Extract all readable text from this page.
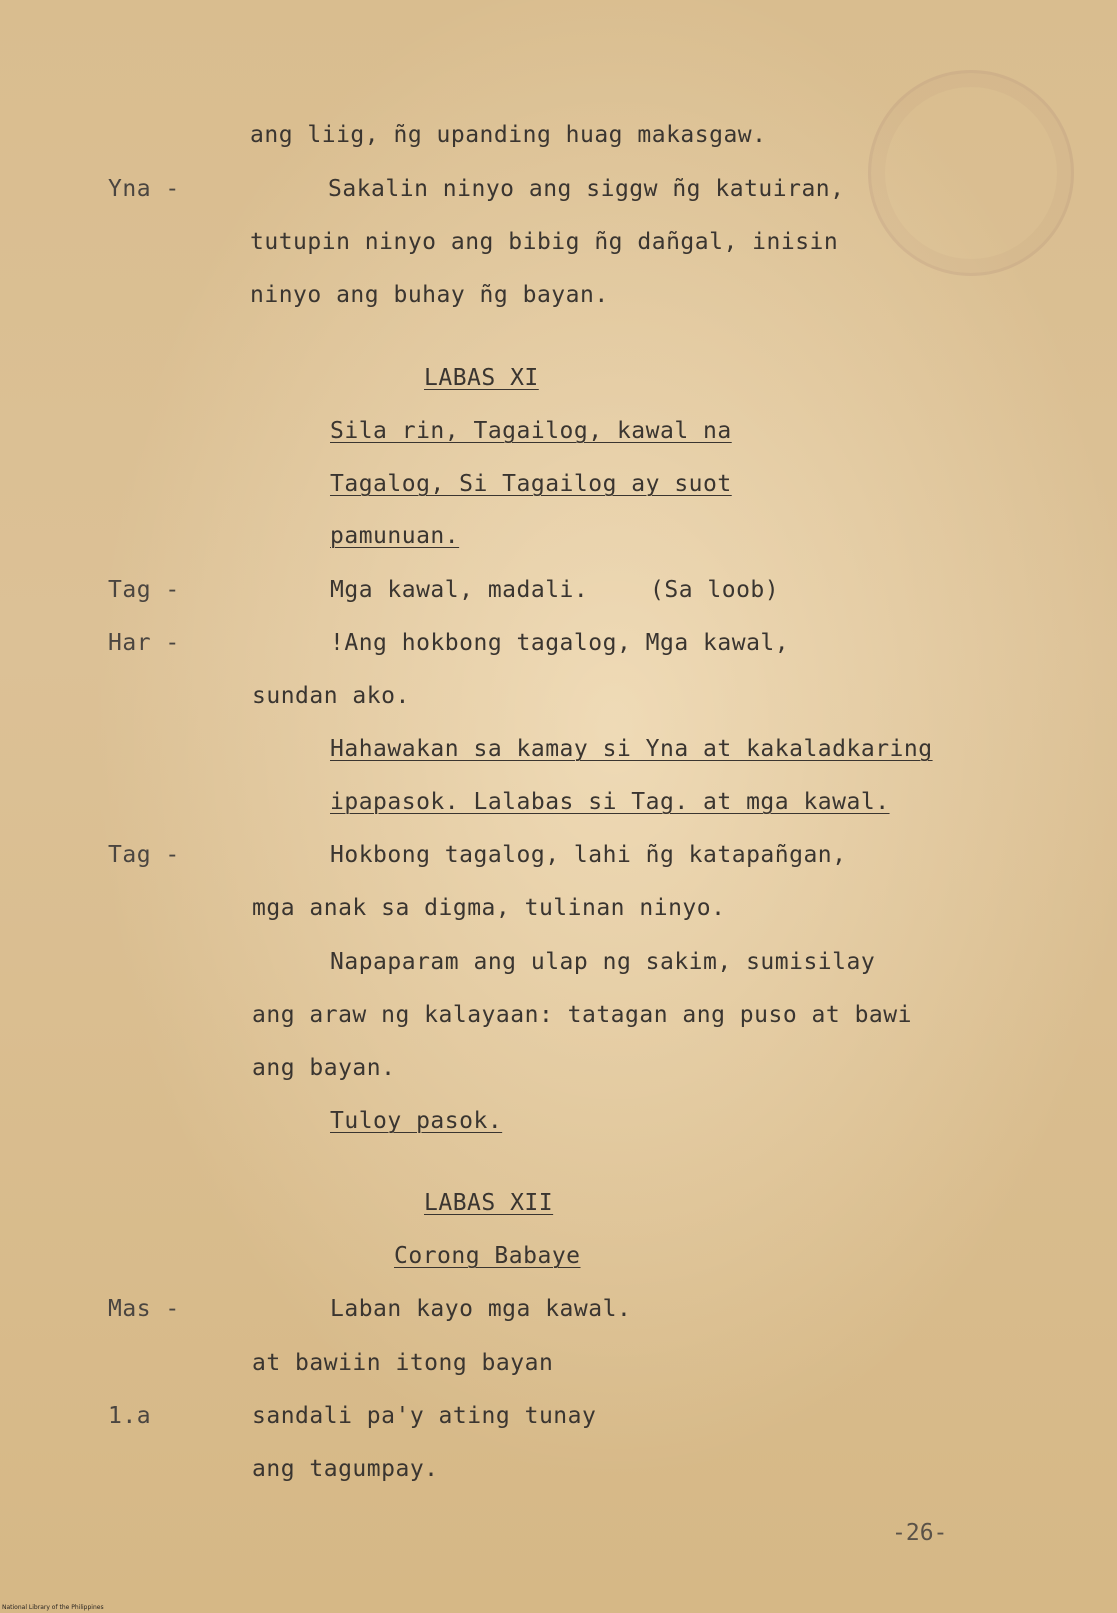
ang liig, ñg upanding huag makasgaw.
Yna -	Sakalin ninyo ang siggw ñg katuiran,
tutupin ninyo ang bibig ñg dañgal, inisin
ninyo ang buhay ñg bayan.
LABAS XI
Sila rin, Tagailog, kawal na
Tagalog, Si Tagailog ay suot
pamunuan.
Tag -	Mga kawal, madali.
Har -	!Ang hokbong tagalog, Mga kawal,
sundan ako.
Hahawakan sa kamay si Yna at kakaladkaring
ipapasok. Lalabas si Tag. at mga kawal.
Tag -	Hokbong tagalog, lahi ñg katapañgan,
mga anak sa digma, tulinan ninyo.
Napaparam ang ulap ng sakim, sumisilay
ang araw ng kalayaan: tatagan ang puso at bawi
ang bayan.
Tuloy pasok.
LABAS XII
Corong Babaye
Mas -	Laban kayo mga kawal.
at bawiin itong bayan
1.a	sandali pa'y ating tunay
ang tagumpay.
(Sa loob)
-26-
National Library of the Philippines
